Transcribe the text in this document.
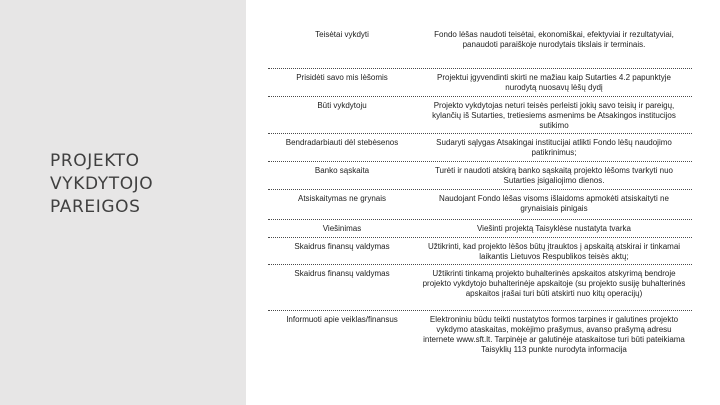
PROJEKTO
VYKDYTOJO
PAREIGOS
Teisėtai vykdyti	Fondo lėšas naudoti teisėtai, ekonomiškai, efektyviai ir rezultatyviai, panaudoti paraiškoje nurodytais tikslais ir terminais.
Prisidėti savo mis lėšomis	Projektui įgyvendinti skirti ne mažiau kaip Sutarties 4.2 papunktyje nurodytą nuosavų lėšų dydį
Būti vykdytoju	Projekto vykdytojas neturi teisės perleisti jokių savo teisių ir pareigų, kylančių iš Sutarties, tretiesiems asmenims be Atsakingos institucijos sutikimo
Bendradarbiauti dėl stebėsenos	Sudaryti sąlygas Atsakingai institucijai atlikti Fondo lėšų naudojimo patikrinimus;
Banko sąskaita	Turėti ir naudoti atskirą banko sąskaitą projekto lėšoms tvarkyti nuo Sutarties įsigaliojimo dienos.
Atsiskaitymas ne grynais	Naudojant Fondo lėšas visoms išlaidoms apmokėti atsiskaityti ne grynaisiais pinigais
Viešinimas	Viešinti projektą Taisyklėse nustatyta tvarka
Skaidrus finansų valdymas	Užtikrinti, kad projekto lėšos būtų įtrauktos į apskaitą atskirai ir tinkamai laikantis Lietuvos Respublikos teisės aktų;
Skaidrus finansų valdymas	Užtikrinti tinkamą projekto buhalterinės apskaitos atskyrimą bendroje projekto vykdytojo buhalterinėje apskaitoje (su projekto susiję buhalterinės apskaitos įrašai turi būti atskirti nuo kitų operacijų)
Informuoti apie veiklas/finansus	Elektroniniu būdu teikti nustatytos formos tarpines ir galutines projekto vykdymo ataskaitas, mokėjimo prašymus, avanso prašymą adresu internete www.sft.lt. Tarpinėje ar galutinėje ataskaitose turi būti pateikiama Taisyklių 113 punkte nurodyta informacija
